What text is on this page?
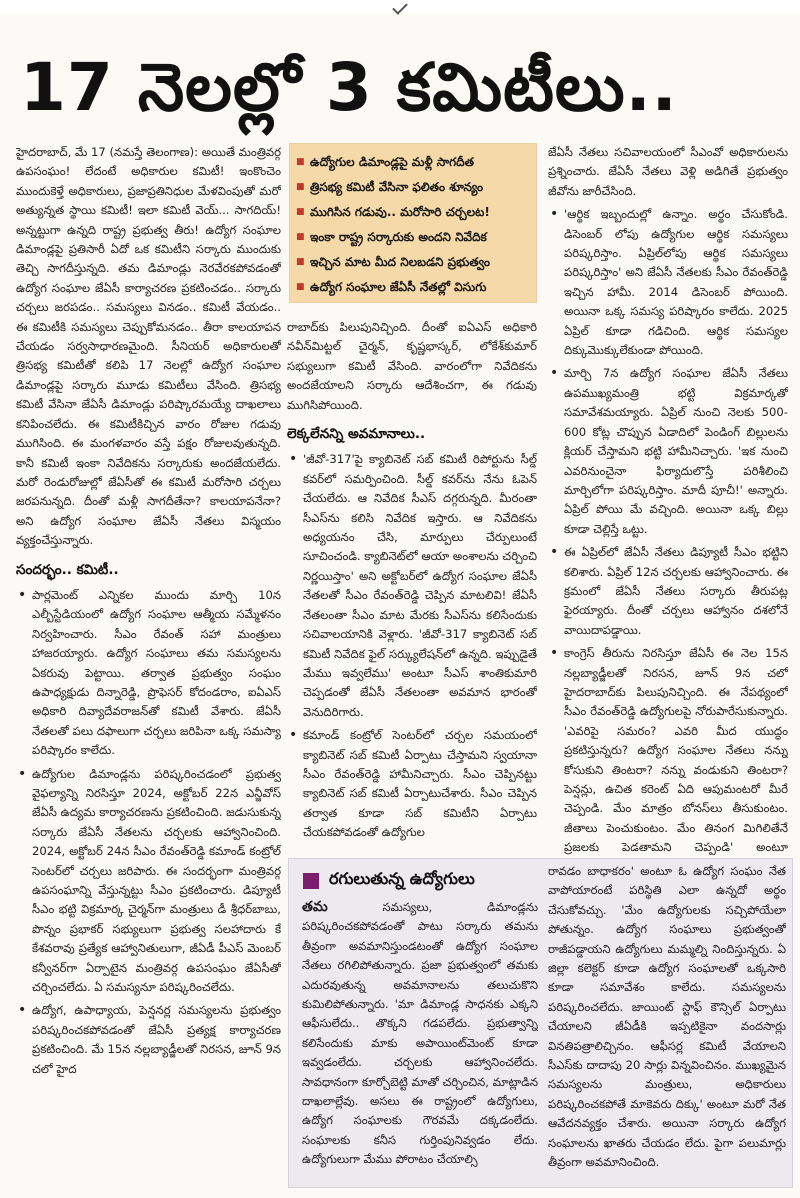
17 నెలల్లో 3 కమిటీలు..

హైదరాబాద్, మే 17 (నమస్తే తెలంగాణ): అయితే మంత్రివర్గ ఉపసంఘం! లేదంటే అధికారుల కమిటీ! ఇంకొంచెం ముందుకెళ్తే అధికారులు, ప్రజాప్రతినిధుల మేళవింపుతో మరో అత్యున్నత స్థాయి కమిటీ! ఇలా కమిటీ వెయ్... సాగదియ్! అన్నట్టుగా ఉన్నది రాష్ట్ర ప్రభుత్వ తీరు! ఉద్యోగ సంఘాల డిమాండ్లపై ప్రతిసారీ ఏదో ఒక కమిటీని సర్కారు ముందుకు తెచ్చి సాగదీస్తున్నది. తమ డిమాండ్లు నెరవేరకపోవడంతో ఉద్యోగ సంఘాల జేఏసీ కార్యాచరణ ప్రకటించడం.. సర్కారు చర్చలు జరపడం.. సమస్యలు వినడం.. కమిటీ వేయడం.. ఈ కమిటీకి సమస్యలు చెప్పుకోమనడం.. తీరా కాలయాపన చేయడం సర్వసాధారణమైంది. సీనియర్ అధికారులతో త్రిసభ్య కమిటీతో కలిపి 17 నెలల్లో ఉద్యోగ సంఘాల డిమాండ్లపై సర్కారు మూడు కమిటీలు వేసింది. త్రిసభ్య కమిటీ వేసినా జేఏసీ డిమాండ్లు పరిష్కారమయ్యే దాఖలాలు కనిపించలేదు. ఈ కమిటీకిచ్చిన వారం రోజుల గడువు ముగిసింది. ఈ మంగళవారం వస్తే పక్షం రోజులవుతున్నది. కానీ కమిటీ ఇంకా నివేదికను సర్కారుకు అందజేయలేదు. మరో రెండురోజుల్లో జేఏసీతో ఈ కమిటీ మరోసారి చర్చలు జరపనున్నది. దీంతో మళ్లీ సాగదీతేనా? కాలయాపనేనా? అని ఉద్యోగ సంఘాల జేఏసీ నేతలు విస్మయం వ్యక్తంచేస్తున్నారు.

సందర్భం.. కమిటీ..
• పార్లమెంట్ ఎన్నికల ముందు మార్చి 10న ఎల్బీస్టేడియంలో ఉద్యోగ సంఘాల ఆత్మీయ సమ్మేళనం నిర్వహించారు. సీఎం రేవంత్ సహా మంత్రులు హాజరయ్యారు. ఉద్యోగ సంఘాలు తమ సమస్యలను ఏకరువు పెట్టాయి. తర్వాత ప్రభుత్వం సంఘం ఉపాధ్యక్షుడు దిన్నారెడ్డి, ప్రొఫెసర్ కోదండరాం, ఐఏఎస్ అధికారి దివ్యాదేవరాజన్‌తో కమిటీ వేశారు. జేఏసీ నేతలతో పలు దఫాలుగా చర్చలు జరిపినా ఒక్క సమస్యా పరిష్కారం కాలేదు.
• ఉద్యోగుల డిమాండ్లను పరిష్కరించడంలో ప్రభుత్వ వైఫల్యాన్ని నిరసిస్తూ 2024, అక్టోబర్ 22న ఎన్జీవోస్ జేఏసీ ఉద్యమ కార్యాచరణను ప్రకటించింది. జడుసుకున్న సర్కారు జేఏసీ నేతలను చర్చలకు ఆహ్వానించింది. 2024, అక్టోబర్ 24న సీఎం రేవంత్‌రెడ్డి కమాండ్ కంట్రోల్ సెంటర్‌లో చర్చలు జరిపారు. ఈ సందర్భంగా మంత్రివర్గ ఉపసంఘాన్ని వేస్తున్నట్టు సీఎం ప్రకటించారు. డిప్యూటీ సీఎం భట్టి విక్రమార్క చైర్మన్‌గా మంత్రులు డీ శ్రీధర్‌బాబు, పొన్నం ప్రభాకర్ సభ్యులుగా ప్రభుత్వ సలహాదారు కే కేశవరావు ప్రత్యేక ఆహ్వానితులుగా, జీఏడీ పీఎస్ మెంబర్ కన్వీనర్‌గా ఏర్పాటైన మంత్రివర్గ ఉపసంఘం జేఏసీతో చర్చించలేదు. ఏ సమస్యనూ పరిష్కరించలేదు.
• ఉద్యోగ, ఉపాధ్యాయ, పెన్షనర్ల సమస్యలను ప్రభుత్వం పరిష్కరించకపోవడంతో జేఏసీ ప్రత్యక్ష కార్యాచరణ ప్రకటించింది. మే 15న నల్లబ్యాడ్జీలతో నిరసన, జూన్ 9న చలో హైద
■ ఉద్యోగుల డిమాండ్లపై మళ్లీ సాగదీత
■ త్రిసభ్య కమిటీ వేసినా ఫలితం శూన్యం
■ ముగిసిన గడువు.. మరోసారి చర్చలట!
■ ఇంకా రాష్ట్ర సర్కారుకు అందని నివేదిక
■ ఇచ్చిన మాట మీద నిలబడని ప్రభుత్వం
■ ఉద్యోగ సంఘాల జేఏసీ నేతల్లో విసుగు

రాబాద్‌కు పిలుపునిచ్చింది. దీంతో ఐఏఎస్ అధికారి నవీన్‌మిట్టల్ చైర్మన్, కృష్ణభాస్కర్, లోకేశ్‌కుమార్ సభ్యులుగా కమిటీ వేసింది. వారంలోగా నివేదికను అందజేయాలని సర్కారు ఆదేశించగా, ఈ గడువు ముగిసిపోయింది.

లెక్కలేనన్ని అవమానాలు..
• 'జీవో-317'పై క్యాబినెట్ సబ్ కమిటీ రిపోర్టును సీల్డ్ కవర్‌లో సమర్పించింది. సీల్డ్ కవర్‌ను నేను ఓపెన్ చేయలేదు. ఆ నివేదిక సీఎస్ దగ్గరున్నది. మీరంతా సీఎస్‌ను కలిసి నివేదిక ఇస్తారు. ఆ నివేదికను అధ్యయనం చేసి, మార్పులు చేర్పులుంటే సూచించండి. క్యాబినెట్‌లో ఆయా అంశాలను చర్చించి నిర్ణయిస్తాం' అని అక్టోబర్‌లో ఉద్యోగ సంఘాల జేఏసీ నేతలతో సీఎం రేవంత్‌రెడ్డి చెప్పిన మాటలివి! జేఏసీ నేతలంతా సీఎం మాట మేరకు సీఎస్‌ను కలిసేందుకు సచివాలయానికి వెళ్లారు. 'జీవో-317 క్యాబినెట్ సబ్ కమిటీ నివేదిక ఫైల్ సర్క్యులేషన్‌లో ఉన్నది. ఇప్పుడైతే మేము ఇవ్వలేము' అంటూ సీఎస్ శాంతికుమారి చెప్పడంతో జేఏసీ నేతలంతా అవమాన భారంతో వెనుదిరిగారు.
• కమాండ్ కంట్రోల్ సెంటర్‌లో చర్చల సమయంలో క్యాబినెట్ సబ్ కమిటీ ఏర్పాటు చేస్తామని స్వయానా సీఎం రేవంత్‌రెడ్డి హామీనిచ్చారు. సీఎం చెప్పినట్టు క్యాబినెట్ సబ్ కమిటీ ఏర్పాటుచేశారు. సీఎం చెప్పిన తర్వాత కూడా సబ్ కమిటీని ఏర్పాటు చేయకపోవడంతో ఉద్యోగుల

జేఏసీ నేతలు సచివాలయంలో సీఎంవో అధికారులను ప్రశ్నించారు. జేఏసీ నేతలు వెళ్లి అడిగితే ప్రభుత్వం జీవోను జారీచేసింది.

• 'ఆర్థిక ఇబ్బందుల్లో ఉన్నాం. అర్థం చేసుకోండి. డిసెంబర్ లోపు ఉద్యోగుల ఆర్థిక సమస్యలు పరిష్కరిస్తాం. ఏప్రిల్‌లోపు ఆర్థిక సమస్యలు పరిష్కరిస్తాం' అని జేఏసీ నేతలకు సీఎం రేవంత్‌రెడ్డి ఇచ్చిన హామీ. 2014 డిసెంబర్ పోయింది. అయినా ఒక్క సమస్య పరిష్కారం కాలేదు. 2025 ఏప్రిల్ కూడా గడిచింది. ఆర్థిక సమస్యల దిక్కుమొక్కులేకుండా పోయింది.
• మార్చి 7న ఉద్యోగ సంఘాల జేఏసీ నేతలు ఉపముఖ్యమంత్రి భట్టి విక్రమార్కతో సమావేశమయ్యారు. ఏప్రిల్ నుంచి నెలకు 500-600 కోట్ల చొప్పున ఏడాదిలో పెండింగ్ బిల్లులను క్లియర్ చేస్తామని భట్టి హామీనిచ్చారు. 'ఇక నుంచి ఎవరినుంచైనా ఫిర్యాదులొస్తే పరిశీలించి మార్చిలోగా పరిష్కరిస్తాం. మాదీ పూచీ!' అన్నారు. ఏప్రిల్ పోయి మే వచ్చింది. అయినా ఒక్క బిల్లు కూడా చెల్లిస్తే ఒట్టు.
• ఈ ఏప్రిల్‌లో జేఏసీ నేతలు డిప్యూటీ సీఎం భట్టిని కలిశారు. ఏప్రిల్ 12న చర్చలకు ఆహ్వానించారు. ఈ క్రమంలో జేఏసీ నేతలు సర్కారు తీరుపట్ల ఫైరయ్యారు. దీంతో చర్చలు ఆహ్వానం దశలోనే వాయిదాపడ్డాయి.
• కాంగ్రెస్ తీరును నిరసిస్తూ జేఏసీ ఈ నెల 15న నల్లబ్యాడ్జీలతో నిరసన, జూన్ 9న చలో హైదరాబాద్‌కు పిలుపునిచ్చింది. ఈ నేపథ్యంలో సీఎం రేవంత్‌రెడ్డి ఉద్యోగులపై నోరుపారేసుకున్నారు. 'ఎవరిపై సమరం? ఎవరి మీద యుద్ధం ప్రకటిస్తున్నరు? ఉద్యోగ సంఘాల నేతలు నన్ను కోసుకుని తింటరా? నన్ను వండుకుని తింటరా? పెన్షన్లు, ఉచిత కరెంట్ ఏది ఆపుమంటరో మీరే చెప్పండి. మేం మాత్రం బోనస్‌లు తీసుకుంటం. జీతాలు పెంచుకుంటం. మేం తినంగ మిగిలితేనే ప్రజలకు పెడతామని చెప్పండి' అంటూ
రగులుతున్న ఉద్యోగులు

తమ	సమస్యలు, డిమాండ్లను పరిష్కరించకపోవడంతో పాటు సర్కారు తమను తీవ్రంగా అవమానిస్తుండటంతో ఉద్యోగ సంఘాల నేతలు రగిలిపోతున్నారు. ప్రజా ప్రభుత్వంలో తమకు ఎదురవుతున్న అవమానాలను తలుచుకొని కుమిలిపోతున్నారు. 'మా డిమాండ్ల సాధనకు ఎక్కని ఆఫీసులేదు.. తొక్కని గడపలేదు. ప్రభుత్వాన్ని కలిసేందుకు మాకు అపాయింట్‌మెంట్ కూడా ఇవ్వడంలేదు. చర్చలకు ఆహ్వానించలేదు. సావధానంగా కూర్చోబెట్టి మాతో చర్చించిన, మాట్లాడిన దాఖలాల్లేవు. అసలు ఈ రాష్ట్రంలో ఉద్యోగులు, ఉద్యోగ సంఘాలకు గౌరవమే దక్కడంలేదు. సంఘాలకు కనీస గుర్తింపునివ్వడం లేదు. ఉద్యోగులుగా మేము పోరాటం చేయాల్సి

రావడం బాధాకరం' అంటూ ఓ ఉద్యోగ సంఘం నేత వాపోయారంటే పరిస్థితి ఎలా ఉన్నదో అర్థం చేసుకోవచ్చు. 'మేం ఉద్యోగులకు సచ్చిపోయేలా పోతున్నం. ఉద్యోగ సంఘాలు ప్రభుత్వంతో రాజీపడ్డాయని ఉద్యోగులు మమ్మల్ని నిందిస్తున్నరు. ఏ జిల్లా కలెక్టర్ కూడా ఉద్యోగ సంఘాలతో ఒక్కసారి కూడా సమావేశం కాలేదు. సమస్యలను పరిష్కరించలేదు. జాయింట్ స్టాఫ్ కౌన్సిల్ ఏర్పాటు చేయాలని జీఏడీకి ఇప్పటికైనా వందసార్లు వినతిపత్రాలిచ్చినం. ఆఫీసర్ల కమిటీ వేయాలని సీఎస్‌కు దాదాపు 20 సార్లు విన్నవించినం. ముఖ్యమైన సమస్యలను మంత్రులు, అధికారులు పరిష్కరించకపోతే మాకెవరు దిక్కు' అంటూ మరో నేత ఆవేదనవ్యక్తం చేశారు. అయినా సర్కారు ఉద్యోగ సంఘాలను ఖాతరు చేయడం లేదు. పైగా పలుమార్లు తీవ్రంగా అవమానించింది.
